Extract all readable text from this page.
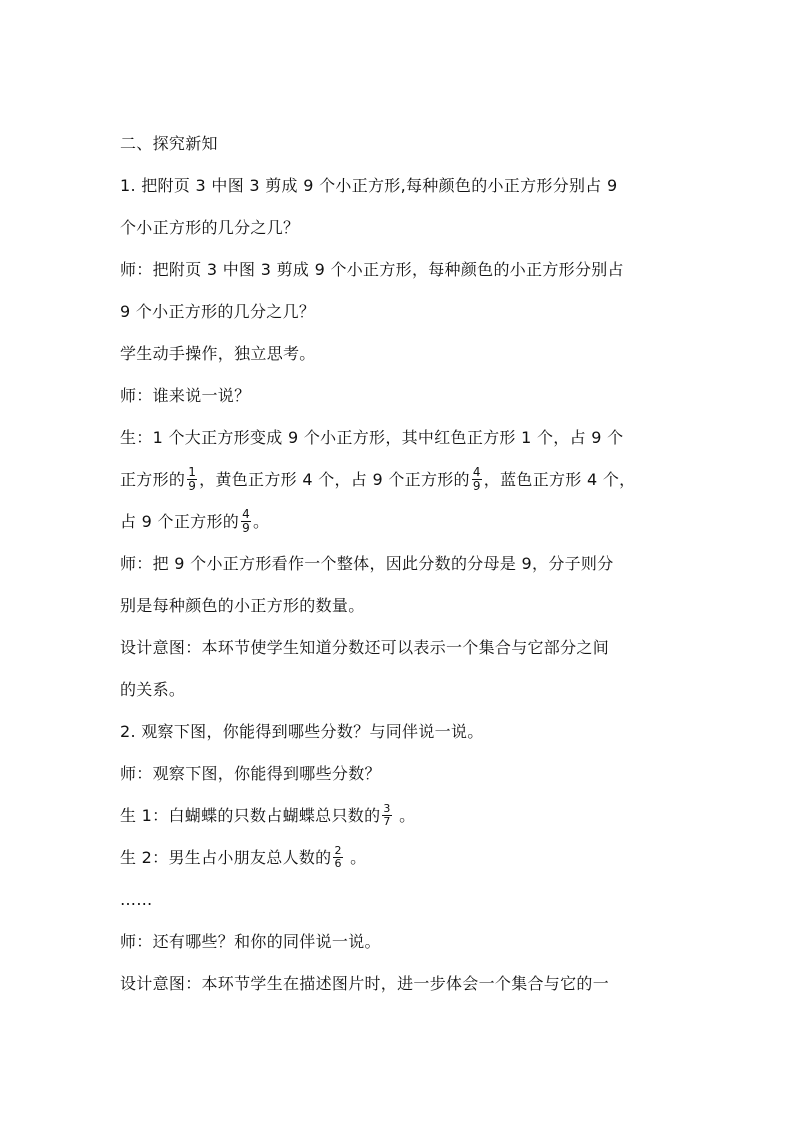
二、探究新知
1. 把附页 3 中图 3 剪成 9 个小正方形,每种颜色的小正方形分别占 9
个小正方形的几分之几？
师：把附页 3 中图 3 剪成 9 个小正方形，每种颜色的小正方形分别占
9 个小正方形的几分之几？
学生动手操作，独立思考。
师：谁来说一说？
生：1 个大正方形变成 9 个小正方形，其中红色正方形 1 个，占 9 个
正方形的 $\frac{1}{9}$ ，黄色正方形 4 个，占 9 个正方形的 $\frac{4}{9}$ ，蓝色正方形 4 个，
占 9 个正方形的 $\frac{4}{9}$ 。
师：把 9 个小正方形看作一个整体，因此分数的分母是 9，分子则分
别是每种颜色的小正方形的数量。
设计意图：本环节使学生知道分数还可以表示一个集合与它部分之间
的关系。
2. 观察下图，你能得到哪些分数？与同伴说一说。
师：观察下图，你能得到哪些分数？
生 1：白蝴蝶的只数占蝴蝶总只数的 $\frac{3}{7}$ 。
生 2：男生占小朋友总人数的 $\frac{2}{6}$ 。
……
师：还有哪些？和你的同伴说一说。
设计意图：本环节学生在描述图片时，进一步体会一个集合与它的一
